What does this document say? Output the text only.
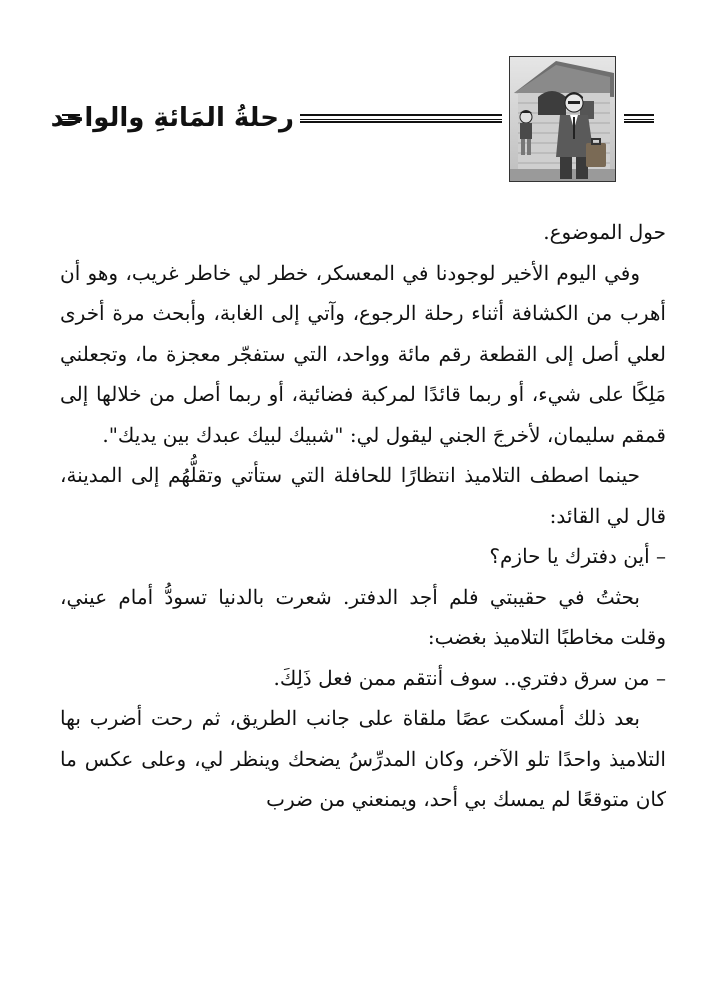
رحلةُ المَائةِ والواحد

حول الموضوع.

وفي اليوم الأخير لوجودنا في المعسكر، خطر لي خاطر غريب، وهو أن أهرب من الكشافة أثناء رحلة الرجوع، وآتي إلى الغابة، وأبحث مرة أخرى لعلي أصل إلى القطعة رقم مائة وواحد، التي ستفجّر معجزة ما، وتجعلني مَلِكًا على شيء، أو ربما قائدًا لمركبة فضائية، أو ربما أصل من خلالها إلى قمقم سليمان، لأخرجَ الجني ليقول لي: "شبيك لبيك عبدك بين يديك".

حينما اصطف التلاميذ انتظارًا للحافلة التي ستأتي وتقلُّهُم إلى المدينة، قال لي القائد:

– أين دفترك يا حازم؟

بحثتُ في حقيبتي فلم أجد الدفتر. شعرت بالدنيا تسودُّ أمام عيني، وقلت مخاطبًا التلاميذ بغضب:

– من سرق دفتري.. سوف أنتقم ممن فعل ذَلِكَ.

بعد ذلك أمسكت عصًا ملقاة على جانب الطريق، ثم رحت أضرب بها التلاميذ واحدًا تلو الآخر، وكان المدرِّسُ يضحك وينظر لي، وعلى عكس ما كان متوقعًا لم يمسك بي أحد، ويمنعني من ضرب
